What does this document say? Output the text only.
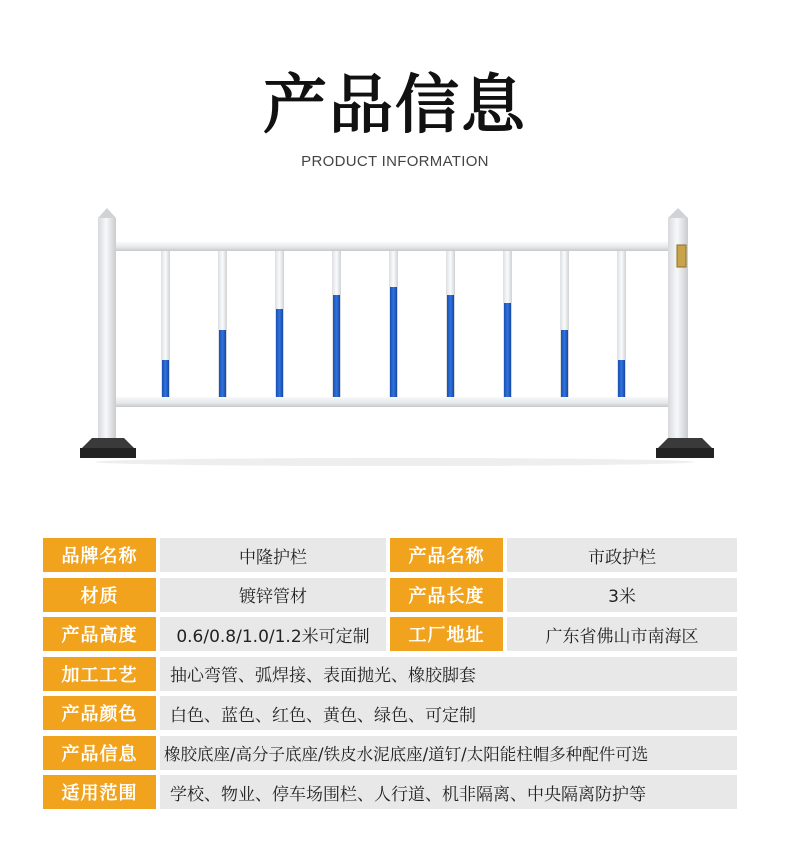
产品信息
PRODUCT INFORMATION
品牌名称	中隆护栏	产品名称	市政护栏
材质	镀锌管材	产品长度	3米
产品高度	0.6/0.8/1.0/1.2米可定制	工厂地址	广东省佛山市南海区
加工工艺	抽心弯管、弧焊接、表面抛光、橡胶脚套
产品颜色	白色、蓝色、红色、黄色、绿色、可定制
产品信息	橡胶底座/高分子底座/铁皮水泥底座/道钉/太阳能柱帽多种配件可选
适用范围	学校、物业、停车场围栏、人行道、机非隔离、中央隔离防护等
